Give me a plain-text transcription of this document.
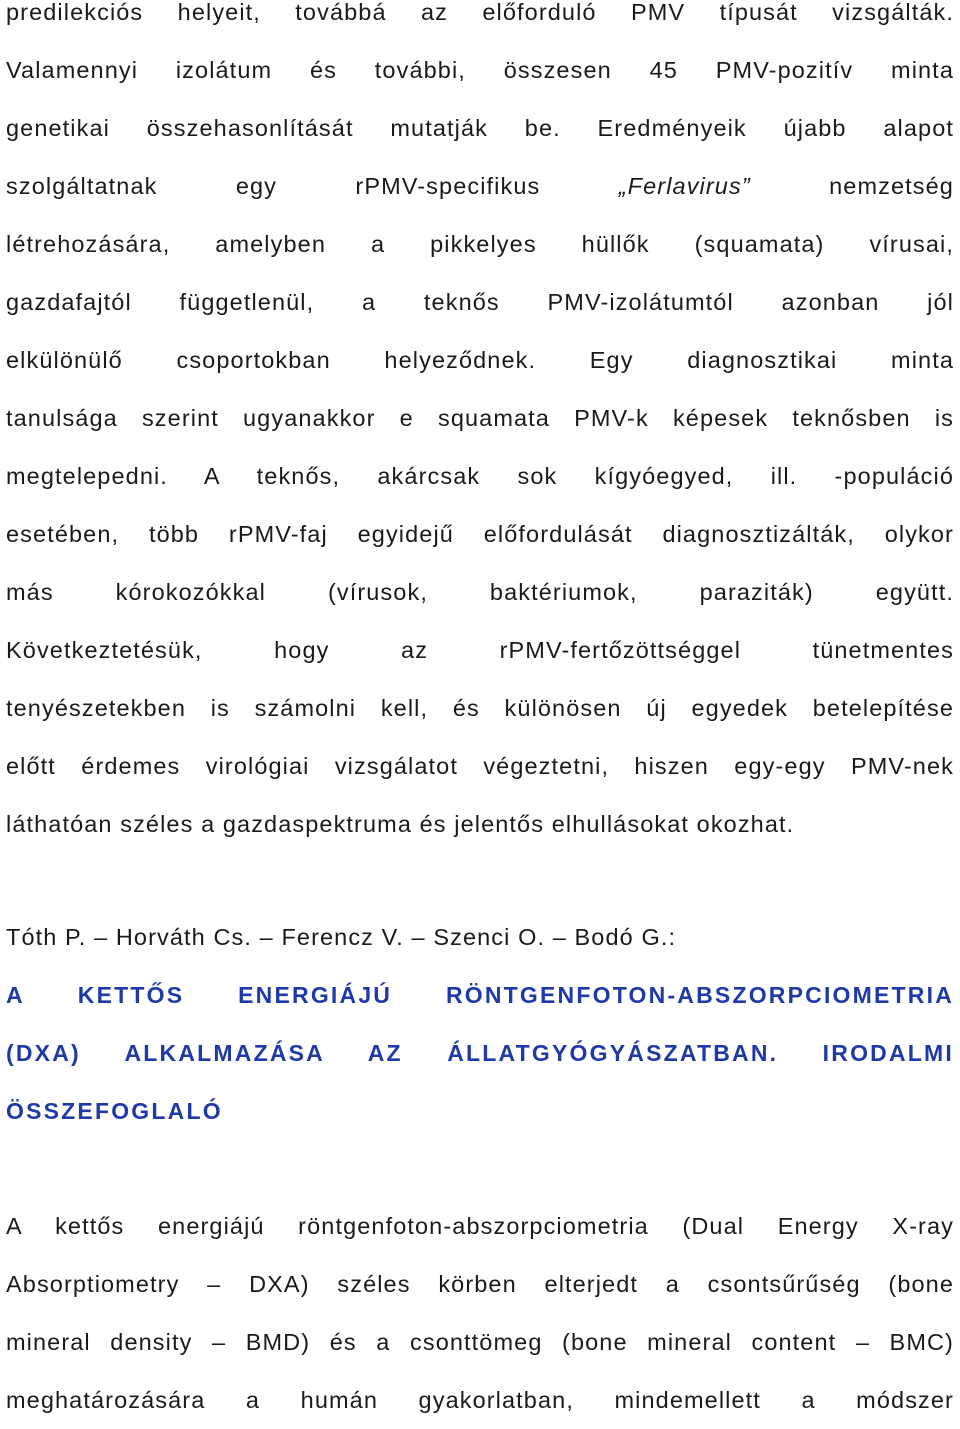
predilekciós helyeit, továbbá az előforduló PMV típusát vizsgálták.
Valamennyi izolátum és további, összesen 45 PMV-pozitív minta
genetikai összehasonlítását mutatják be. Eredményeik újabb alapot
szolgáltatnak egy rPMV-specifikus	„Ferlavirus”	nemzetség
létrehozására, amelyben a pikkelyes hüllők (squamata) vírusai,
gazdafajtól függetlenül, a teknős PMV-izolátumtól azonban jól
elkülönülő csoportokban helyeződnek. Egy diagnosztikai minta
tanulsága szerint ugyanakkor e squamata PMV-k képesek teknősben is
megtelepedni. A teknős, akárcsak sok kígyóegyed, ill. -populáció
esetében, több rPMV-faj egyidejű előfordulását diagnosztizálták, olykor
más kórokozókkal (vírusok, baktériumok, paraziták) együtt.
Következtetésük, hogy az rPMV-fertőzöttséggel tünetmentes
tenyészetekben is számolni kell, és különösen új egyedek betelepítése
előtt érdemes virológiai vizsgálatot végeztetni, hiszen egy-egy PMV-nek
láthatóan széles a gazdaspektruma és jelentős elhullásokat okozhat.
Tóth P. – Horváth Cs. – Ferencz V. – Szenci O. – Bodó G.:
A KETTŐS ENERGIÁJÚ RÖNTGENFOTON-ABSZORPCIOMETRIA
(DXA) ALKALMAZÁSA AZ ÁLLATGYÓGYÁSZATBAN. IRODALMI
ÖSSZEFOGLALÓ
A kettős energiájú röntgenfoton-abszorpciometria (Dual Energy X-ray
Absorptiometry – DXA) széles körben elterjedt a csontsűrűség (bone
mineral density – BMD) és a csonttömeg (bone mineral content – BMC)
meghatározására a humán gyakorlatban, mindemellett a módszer
